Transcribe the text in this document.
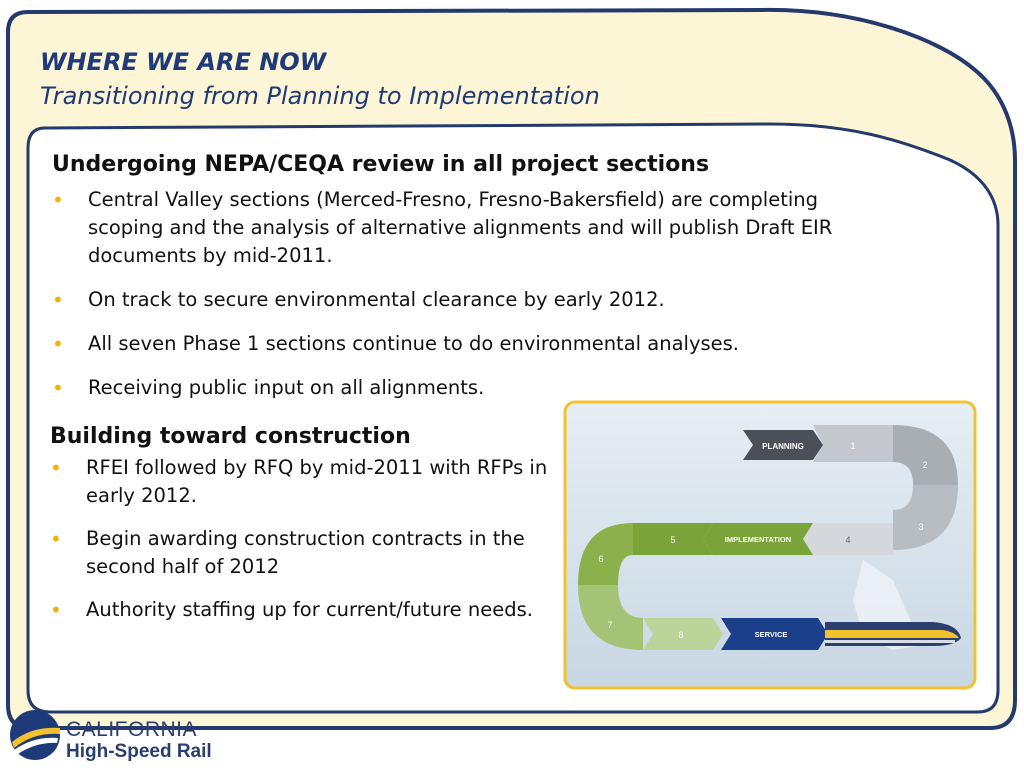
WHERE WE ARE NOW
Transitioning from Planning to Implementation
Undergoing NEPA/CEQA review in all project sections
• Central Valley sections (Merced-Fresno, Fresno-Bakersfield) are completing scoping and the analysis of alternative alignments and will publish Draft EIR documents by mid-2011.
• On track to secure environmental clearance by early 2012.
• All seven Phase 1 sections continue to do environmental analyses.
• Receiving public input on all alignments.
Building toward construction
• RFEI followed by RFQ by mid-2011 with RFPs in early 2012.
• Begin awarding construction contracts in the second half of 2012
• Authority staffing up for current/future needs.
PLANNING	1
2
3
4
IMPLEMENTATION
5
6
7
8	SERVICE
CALIFORNIA
High-Speed Rail
